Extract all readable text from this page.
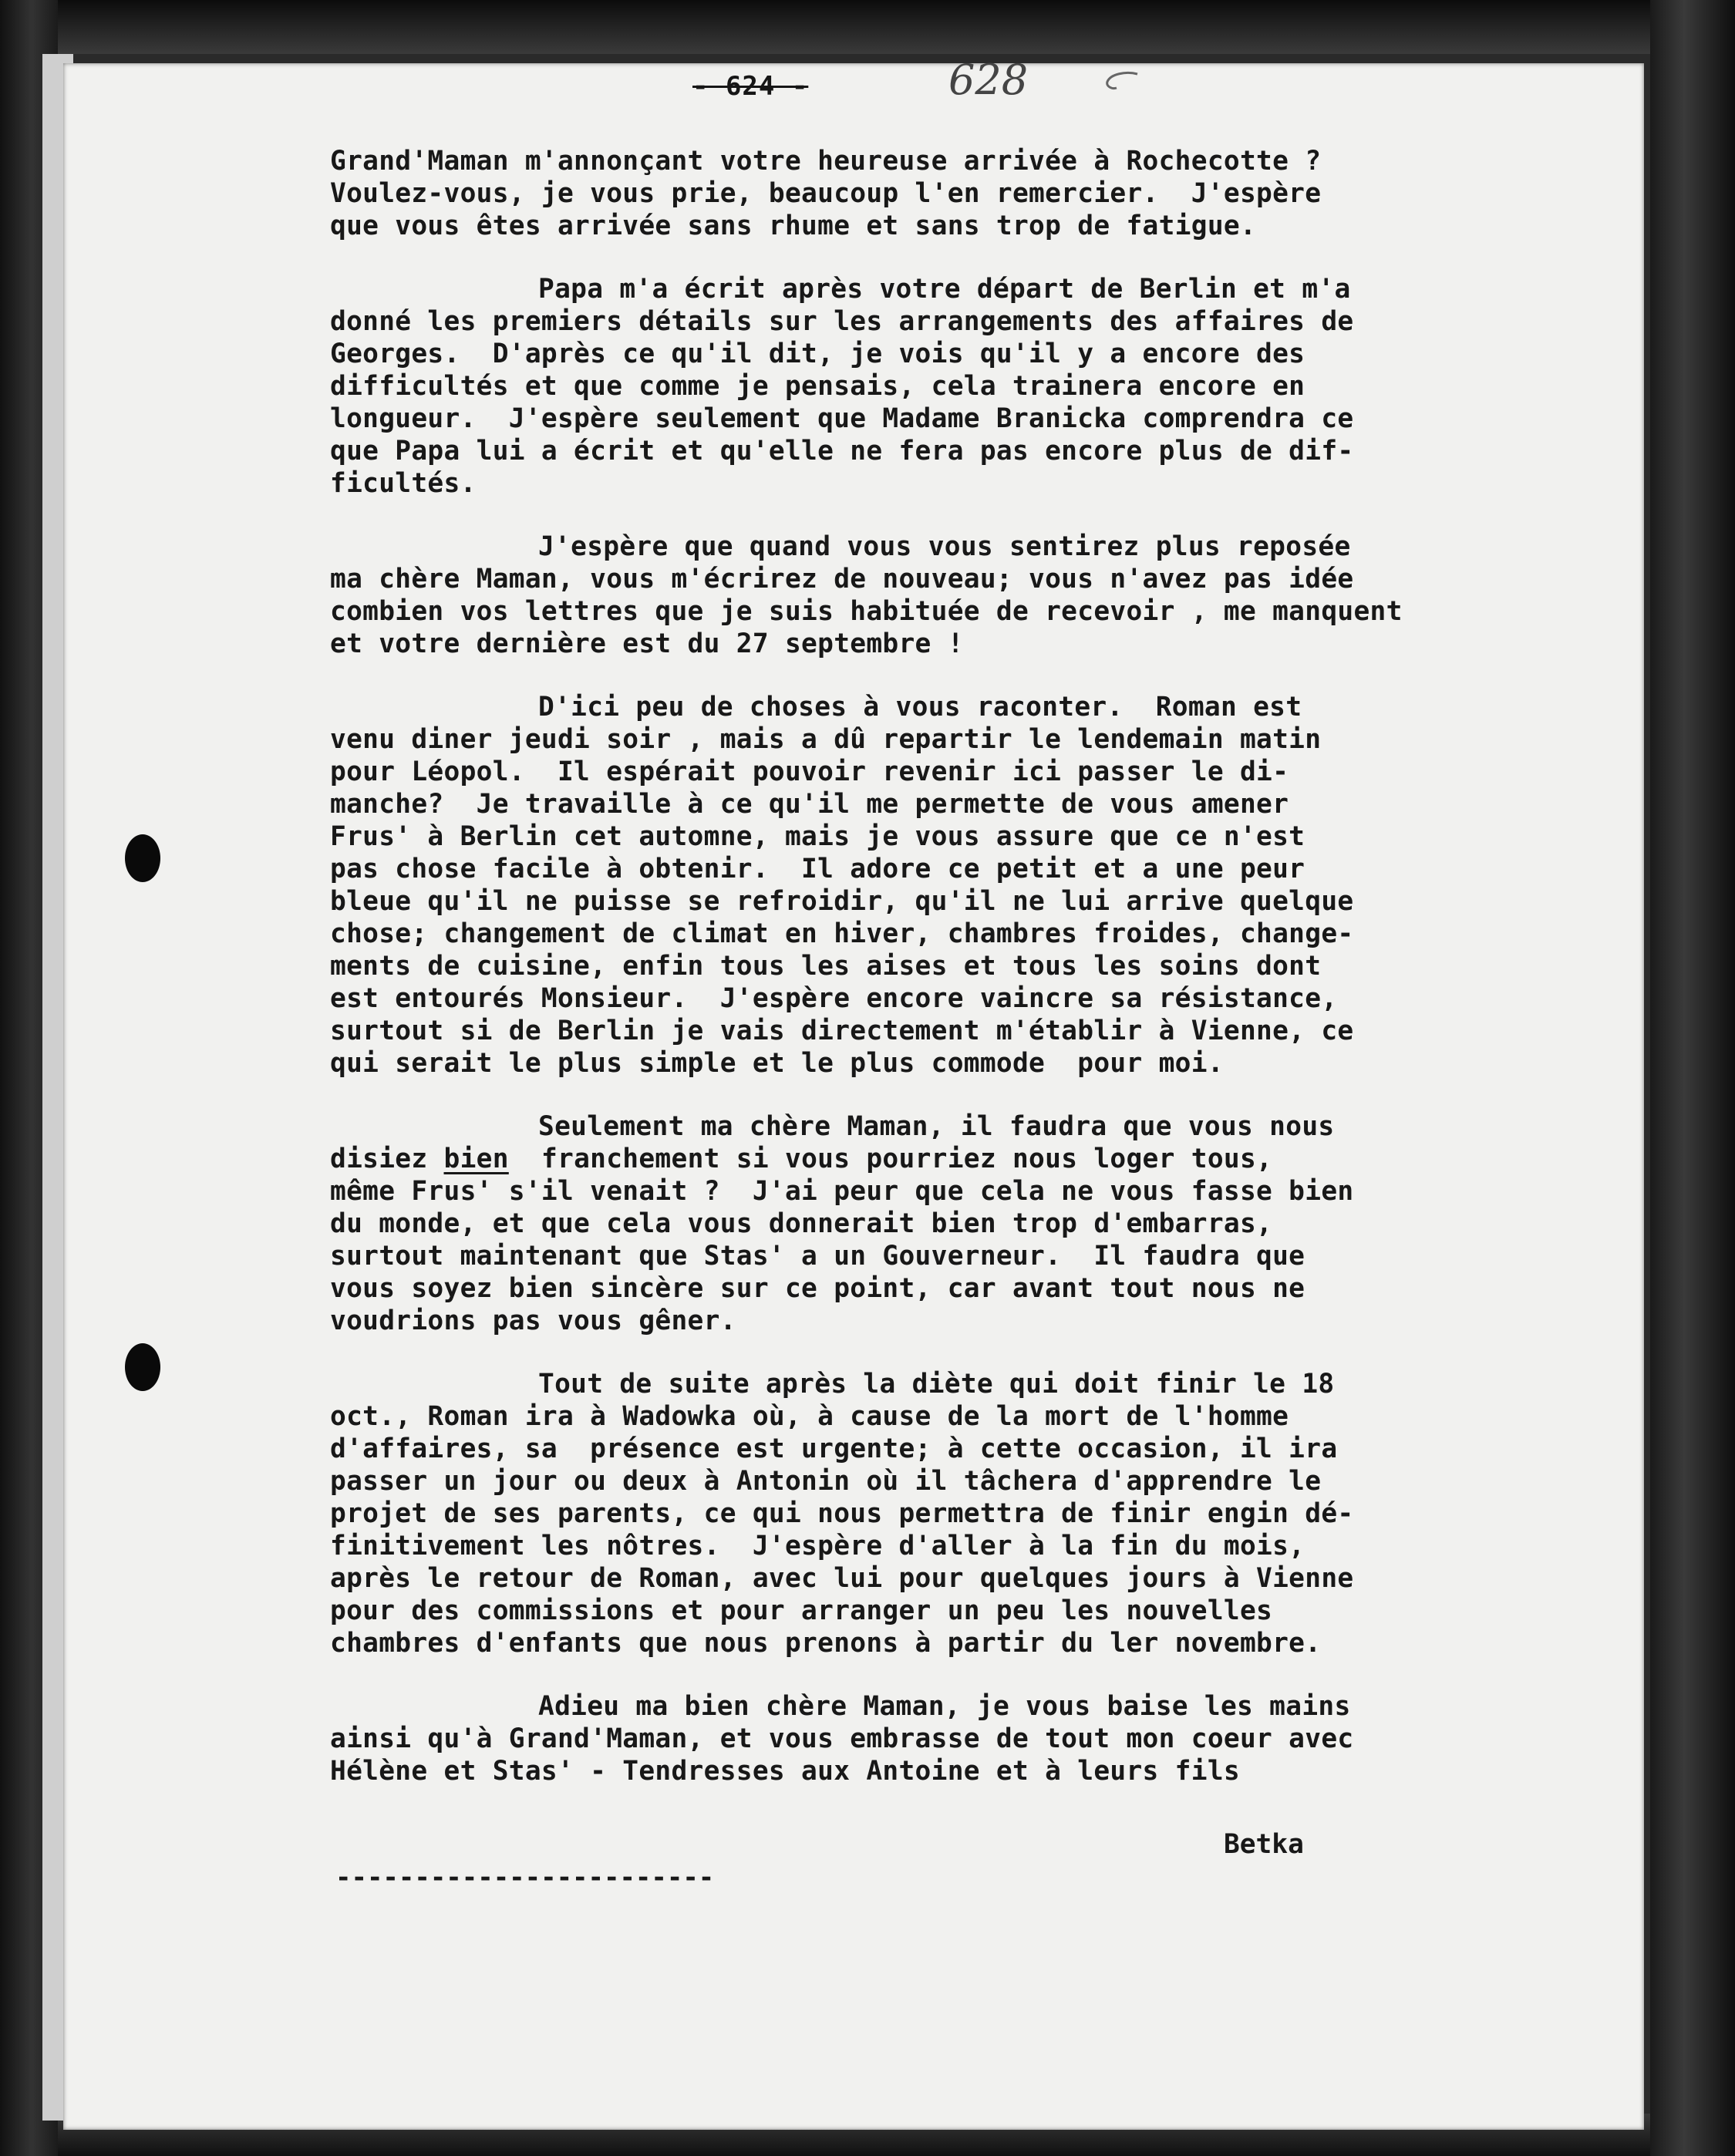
- 624 -	628
Grand'Maman m'annonçant votre heureuse arrivée à Rochecotte ?
Voulez-vous, je vous prie, beaucoup l'en remercier.  J'espère
que vous êtes arrivée sans rhume et sans trop de fatigue.
Papa m'a écrit après votre départ de Berlin et m'a
donné les premiers détails sur les arrangements des affaires de
Georges.  D'après ce qu'il dit, je vois qu'il y a encore des
difficultés et que comme je pensais, cela trainera encore en
longueur.  J'espère seulement que Madame Branicka comprendra ce
que Papa lui a écrit et qu'elle ne fera pas encore plus de dif-
ficultés.
J'espère que quand vous vous sentirez plus reposée
ma chère Maman, vous m'écrirez de nouveau; vous n'avez pas idée
combien vos lettres que je suis habituée de recevoir , me manquent
et votre dernière est du 27 septembre !
D'ici peu de choses à vous raconter.  Roman est
venu diner jeudi soir , mais a dû repartir le lendemain matin
pour Léopol.  Il espérait pouvoir revenir ici passer le di-
manche?  Je travaille à ce qu'il me permette de vous amener
Frus' à Berlin cet automne, mais je vous assure que ce n'est
pas chose facile à obtenir.  Il adore ce petit et a une peur
bleue qu'il ne puisse se refroidir, qu'il ne lui arrive quelque
chose; changement de climat en hiver, chambres froides, change-
ments de cuisine, enfin tous les aises et tous les soins dont
est entourés Monsieur.  J'espère encore vaincre sa résistance,
surtout si de Berlin je vais directement m'établir à Vienne, ce
qui serait le plus simple et le plus commode  pour moi.
Seulement ma chère Maman, il faudra que vous nous
disiez bien  franchement si vous pourriez nous loger tous,
même Frus' s'il venait ?  J'ai peur que cela ne vous fasse bien
du monde, et que cela vous donnerait bien trop d'embarras,
surtout maintenant que Stas' a un Gouverneur.  Il faudra que
vous soyez bien sincère sur ce point, car avant tout nous ne
voudrions pas vous gêner.
Tout de suite après la diète qui doit finir le 18
oct., Roman ira à Wadowka où, à cause de la mort de l'homme
d'affaires, sa  présence est urgente; à cette occasion, il ira
passer un jour ou deux à Antonin où il tâchera d'apprendre le
projet de ses parents, ce qui nous permettra de finir engin dé-
finitivement les nôtres.  J'espère d'aller à la fin du mois,
après le retour de Roman, avec lui pour quelques jours à Vienne
pour des commissions et pour arranger un peu les nouvelles
chambres d'enfants que nous prenons à partir du ler novembre.
Adieu ma bien chère Maman, je vous baise les mains
ainsi qu'à Grand'Maman, et vous embrasse de tout mon coeur avec
Hélène et Stas' - Tendresses aux Antoine et à leurs fils
Betka
------------------------
